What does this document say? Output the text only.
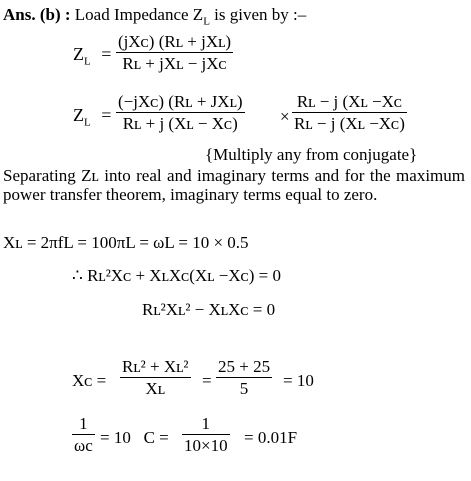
Ans. (b) : Load Impedance $Z_L$ is given by :–
$Z_L$ =
(jXᴄ) (Rʟ + jXʟ)
Rʟ + jXʟ − jXᴄ
$Z_L$ =
(−jXᴄ) (Rʟ + JXʟ)
Rʟ + j (Xʟ − Xᴄ) ×
Rʟ − j (Xʟ −Xᴄ
Rʟ − j (Xʟ −Xᴄ)
{Multiply any from conjugate}
Separating Zʟ into real and imaginary terms and for the maximum power transfer theorem, imaginary terms equal to zero.
Xʟ = 2πfL = 100πL = ωL = 10 × 0.5
∴ Rʟ²Xᴄ + XʟXᴄ(Xʟ −Xᴄ) = 0
Rʟ²Xʟ² − XʟXᴄ = 0
Xᴄ =
Rʟ² + Xʟ²
Xʟ =
25 + 25
5 = 10
1
ωc = 10   C =
1
10×10 = 0.01F
